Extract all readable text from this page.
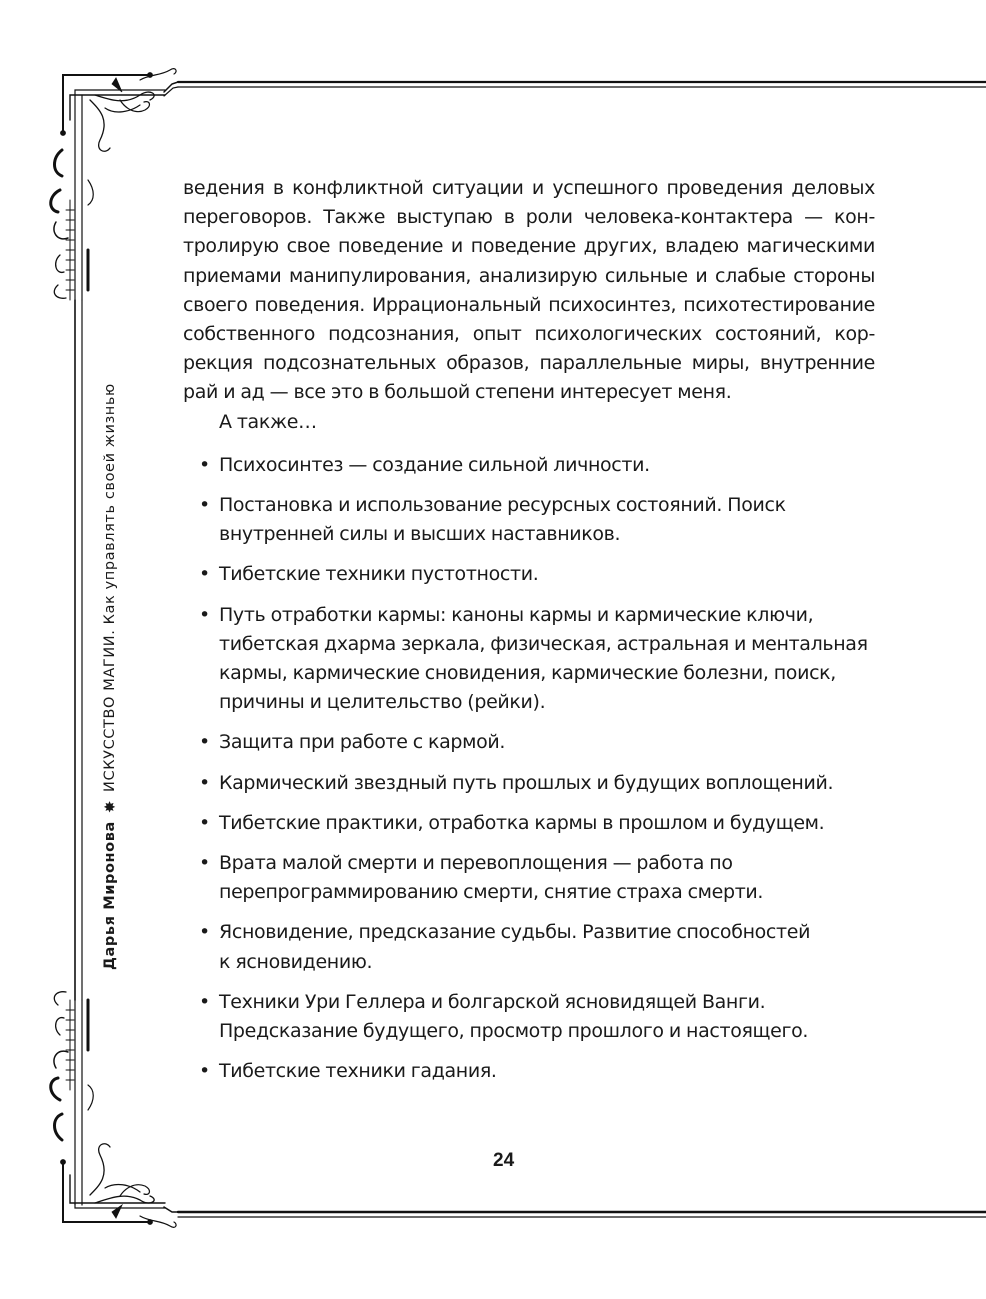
Дарья Миронова
✸
ИСКУССТВО МАГИИ. Как управлять своей жизнью

ведения в конфликтной ситуации и успешного проведения деловых
переговоров. Также выступаю в роли человека-контактера — кон-
тролирую свое поведение и поведение других, владею магическими
приемами манипулирования, анализирую сильные и слабые стороны
своего поведения. Иррациональный психосинтез, психотестирование
собственного подсознания, опыт психологических состояний, кор-
рекция подсознательных образов, параллельные миры, внутренние
рай и ад — все это в большой степени интересует меня.

А также…

• Психосинтез — создание сильной личности.
• Постановка и использование ресурсных состояний. Поиск
внутренней силы и высших наставников.
• Тибетские техники пустотности.
• Путь отработки кармы: каноны кармы и кармические ключи,
тибетская дхарма зеркала, физическая, астральная и ментальная
кармы, кармические сновидения, кармические болезни, поиск,
причины и целительство (рейки).
• Защита при работе с кармой.
• Кармический звездный путь прошлых и будущих воплощений.
• Тибетские практики, отработка кармы в прошлом и будущем.
• Врата малой смерти и перевоплощения — работа по
перепрограммированию смерти, снятие страха смерти.
• Ясновидение, предсказание судьбы. Развитие способностей
к ясновидению.
• Техники Ури Геллера и болгарской ясновидящей Ванги.
Предсказание будущего, просмотр прошлого и настоящего.
• Тибетские техники гадания.
24
